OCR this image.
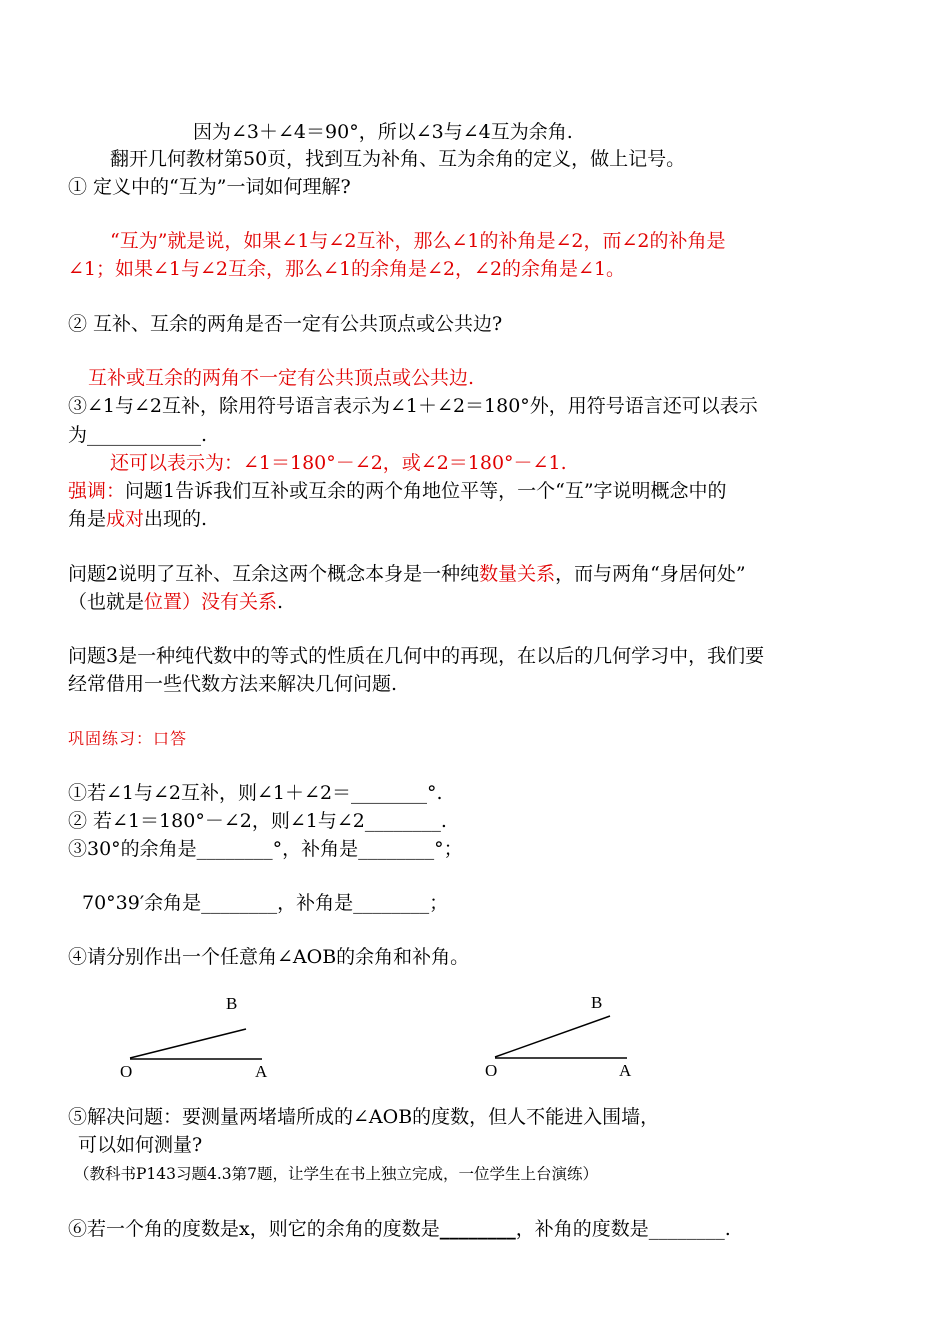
因为∠3＋∠4＝90°，所以∠3与∠4互为余角.
翻开几何教材第50页，找到互为补角、互为余角的定义，做上记号。
① 定义中的“互为”一词如何理解?
“互为”就是说，如果∠1与∠2互补，那么∠1的补角是∠2，而∠2的补角是
∠1；如果∠1与∠2互余，那么∠1的余角是∠2，∠2的余角是∠1。
② 互补、互余的两角是否一定有公共顶点或公共边?
互补或互余的两角不一定有公共顶点或公共边.
③∠1与∠2互补，除用符号语言表示为∠1＋∠2＝180°外，用符号语言还可以表示
为____________.
还可以表示为：∠1＝180°－∠2，或∠2＝180°－∠1.
强调：问题1告诉我们互补或互余的两个角地位平等，一个“互”字说明概念中的
角是成对出现的.
问题2说明了互补、互余这两个概念本身是一种纯数量关系，而与两角“身居何处”
（也就是位置）没有关系.
问题3是一种纯代数中的等式的性质在几何中的再现，在以后的几何学习中，我们要
经常借用一些代数方法来解决几何问题.
巩固练习：口答
①若∠1与∠2互补，则∠1＋∠2＝________°.
② 若∠1＝180°－∠2，则∠1与∠2________.
③30°的余角是________°，补角是________°；
70°39′余角是________，补角是________；
④请分别作出一个任意角∠AOB的余角和补角。
B
O	A
B
O	A
⑤解决问题：要测量两堵墙所成的∠AOB的度数，但人不能进入围墙，
可以如何测量?
（教科书P143习题4.3第7题，让学生在书上独立完成，一位学生上台演练）
⑥若一个角的度数是x，则它的余角的度数是________，补角的度数是________.
